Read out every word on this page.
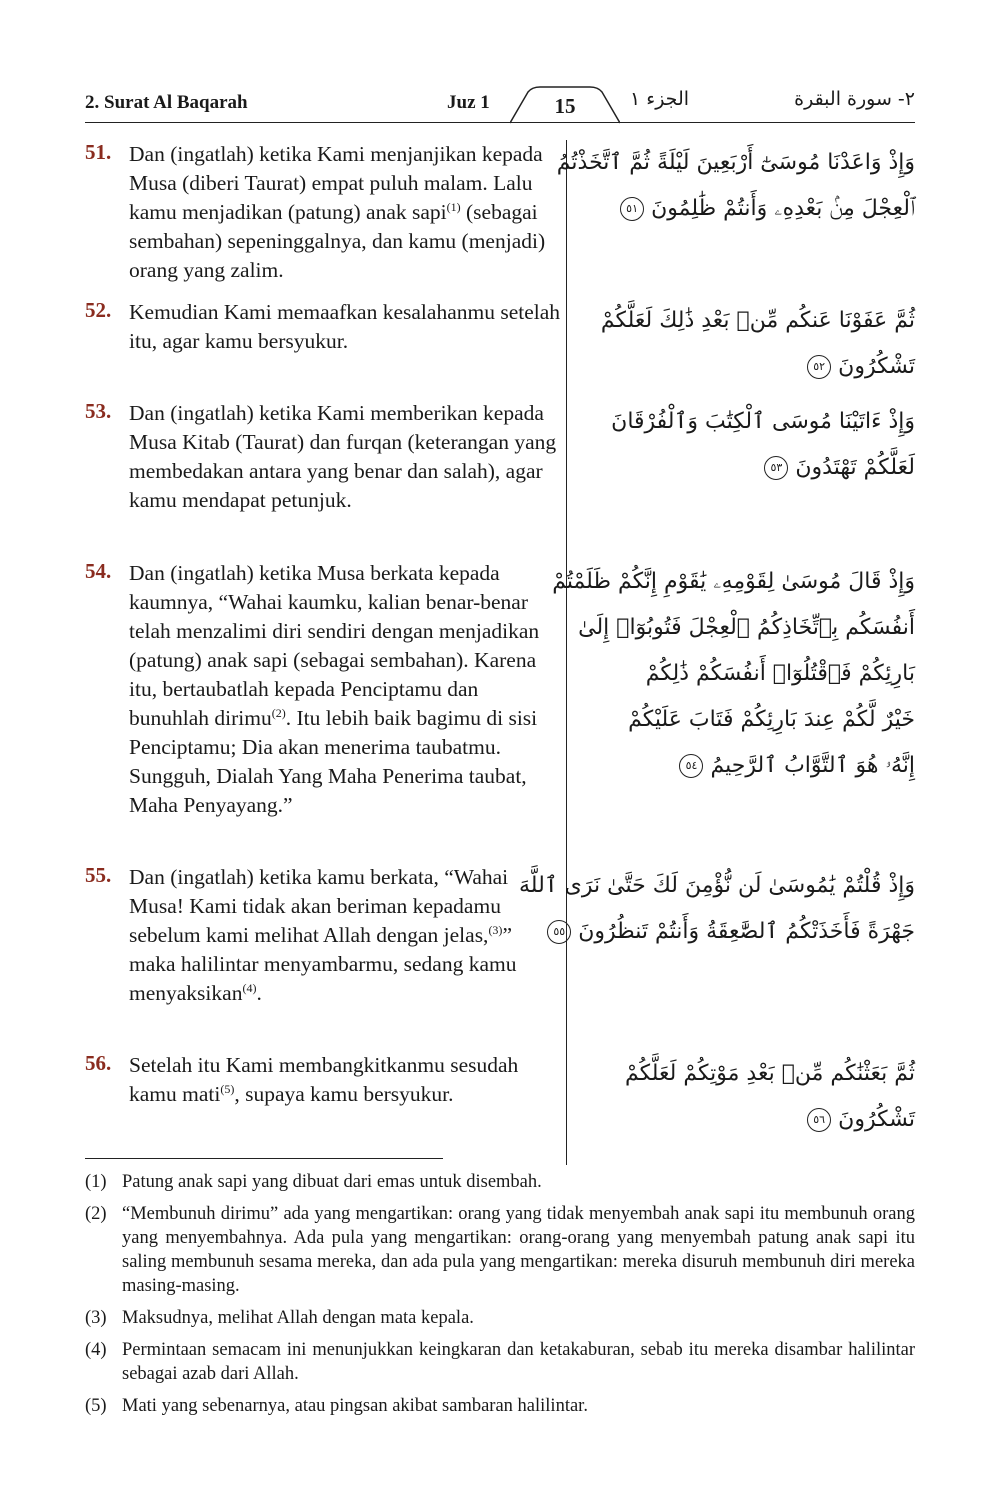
2. Surat Al Baqarah	Juz 1	15	الجزء ١	٢- سورة البقرة
51. Dan (ingatlah) ketika Kami menjanjikan kepada Musa (diberi Taurat) empat puluh malam. Lalu kamu menjadikan (patung) anak sapi$^{(1)}$ (sebagai sembahan) sepeninggalnya, dan kamu (menjadi) orang yang zalim.
وَإِذْ وَاعَدْنَا مُوسَىٰٓ أَرْبَعِينَ لَيْلَةً ثُمَّ ٱتَّخَذْتُمُ
ٱلْعِجْلَ مِنۢ بَعْدِهِۦ وَأَنتُمْ ظَٰلِمُونَ ٥١
52. Kemudian Kami memaafkan kesalahanmu setelah itu, agar kamu bersyukur.
ثُمَّ عَفَوْنَا عَنكُم مِّنۢ بَعْدِ ذَٰلِكَ لَعَلَّكُمْ
تَشْكُرُونَ ٥٢
53. Dan (ingatlah) ketika Kami memberikan kepada Musa Kitab (Taurat) dan furqan (keterangan yang membedakan antara yang benar dan salah), agar kamu mendapat petunjuk.
وَإِذْ ءَاتَيْنَا مُوسَى ٱلْكِتَٰبَ وَٱلْفُرْقَانَ
لَعَلَّكُمْ تَهْتَدُونَ ٥٣
54. Dan (ingatlah) ketika Musa berkata kepada kaumnya, “Wahai kaumku, kalian benar-benar telah menzalimi diri sendiri dengan menjadikan (patung) anak sapi (sebagai sembahan). Karena itu, bertaubatlah kepada Penciptamu dan bunuhlah dirimu$^{(2)}$. Itu lebih baik bagimu di sisi Penciptamu; Dia akan menerima taubatmu. Sungguh, Dialah Yang Maha Penerima taubat, Maha Penyayang.”
وَإِذْ قَالَ مُوسَىٰ لِقَوْمِهِۦ يَٰقَوْمِ إِنَّكُمْ ظَلَمْتُمْ
أَنفُسَكُم بِٱتِّخَاذِكُمُ ٱلْعِجْلَ فَتُوبُوٓا۟ إِلَىٰ
بَارِئِكُمْ فَٱقْتُلُوٓا۟ أَنفُسَكُمْ ذَٰلِكُمْ
خَيْرٌ لَّكُمْ عِندَ بَارِئِكُمْ فَتَابَ عَلَيْكُمْ
إِنَّهُۥ هُوَ ٱلتَّوَّابُ ٱلرَّحِيمُ ٥٤
55. Dan (ingatlah) ketika kamu berkata, “Wahai Musa! Kami tidak akan beriman kepadamu sebelum kami melihat Allah dengan jelas,$^{(3)}$” maka halilintar menyambarmu, sedang kamu menyaksikan$^{(4)}$.
وَإِذْ قُلْتُمْ يَٰمُوسَىٰ لَن نُّؤْمِنَ لَكَ حَتَّىٰ نَرَى ٱللَّهَ
جَهْرَةً فَأَخَذَتْكُمُ ٱلصَّٰعِقَةُ وَأَنتُمْ تَنظُرُونَ ٥٥
56. Setelah itu Kami membangkitkanmu sesudah kamu mati$^{(5)}$, supaya kamu bersyukur.
ثُمَّ بَعَثْنَٰكُم مِّنۢ بَعْدِ مَوْتِكُمْ لَعَلَّكُمْ
تَشْكُرُونَ ٥٦
(1) Patung anak sapi yang dibuat dari emas untuk disembah.
(2) “Membunuh dirimu” ada yang mengartikan: orang yang tidak menyembah anak sapi itu membunuh orang yang menyembahnya. Ada pula yang mengartikan: orang-orang yang menyembah patung anak sapi itu saling membunuh sesama mereka, dan ada pula yang mengartikan: mereka disuruh membunuh diri mereka masing-masing.
(3) Maksudnya, melihat Allah dengan mata kepala.
(4) Permintaan semacam ini menunjukkan keingkaran dan ketakaburan, sebab itu mereka disambar halilintar sebagai azab dari Allah.
(5) Mati yang sebenarnya, atau pingsan akibat sambaran halilintar.
